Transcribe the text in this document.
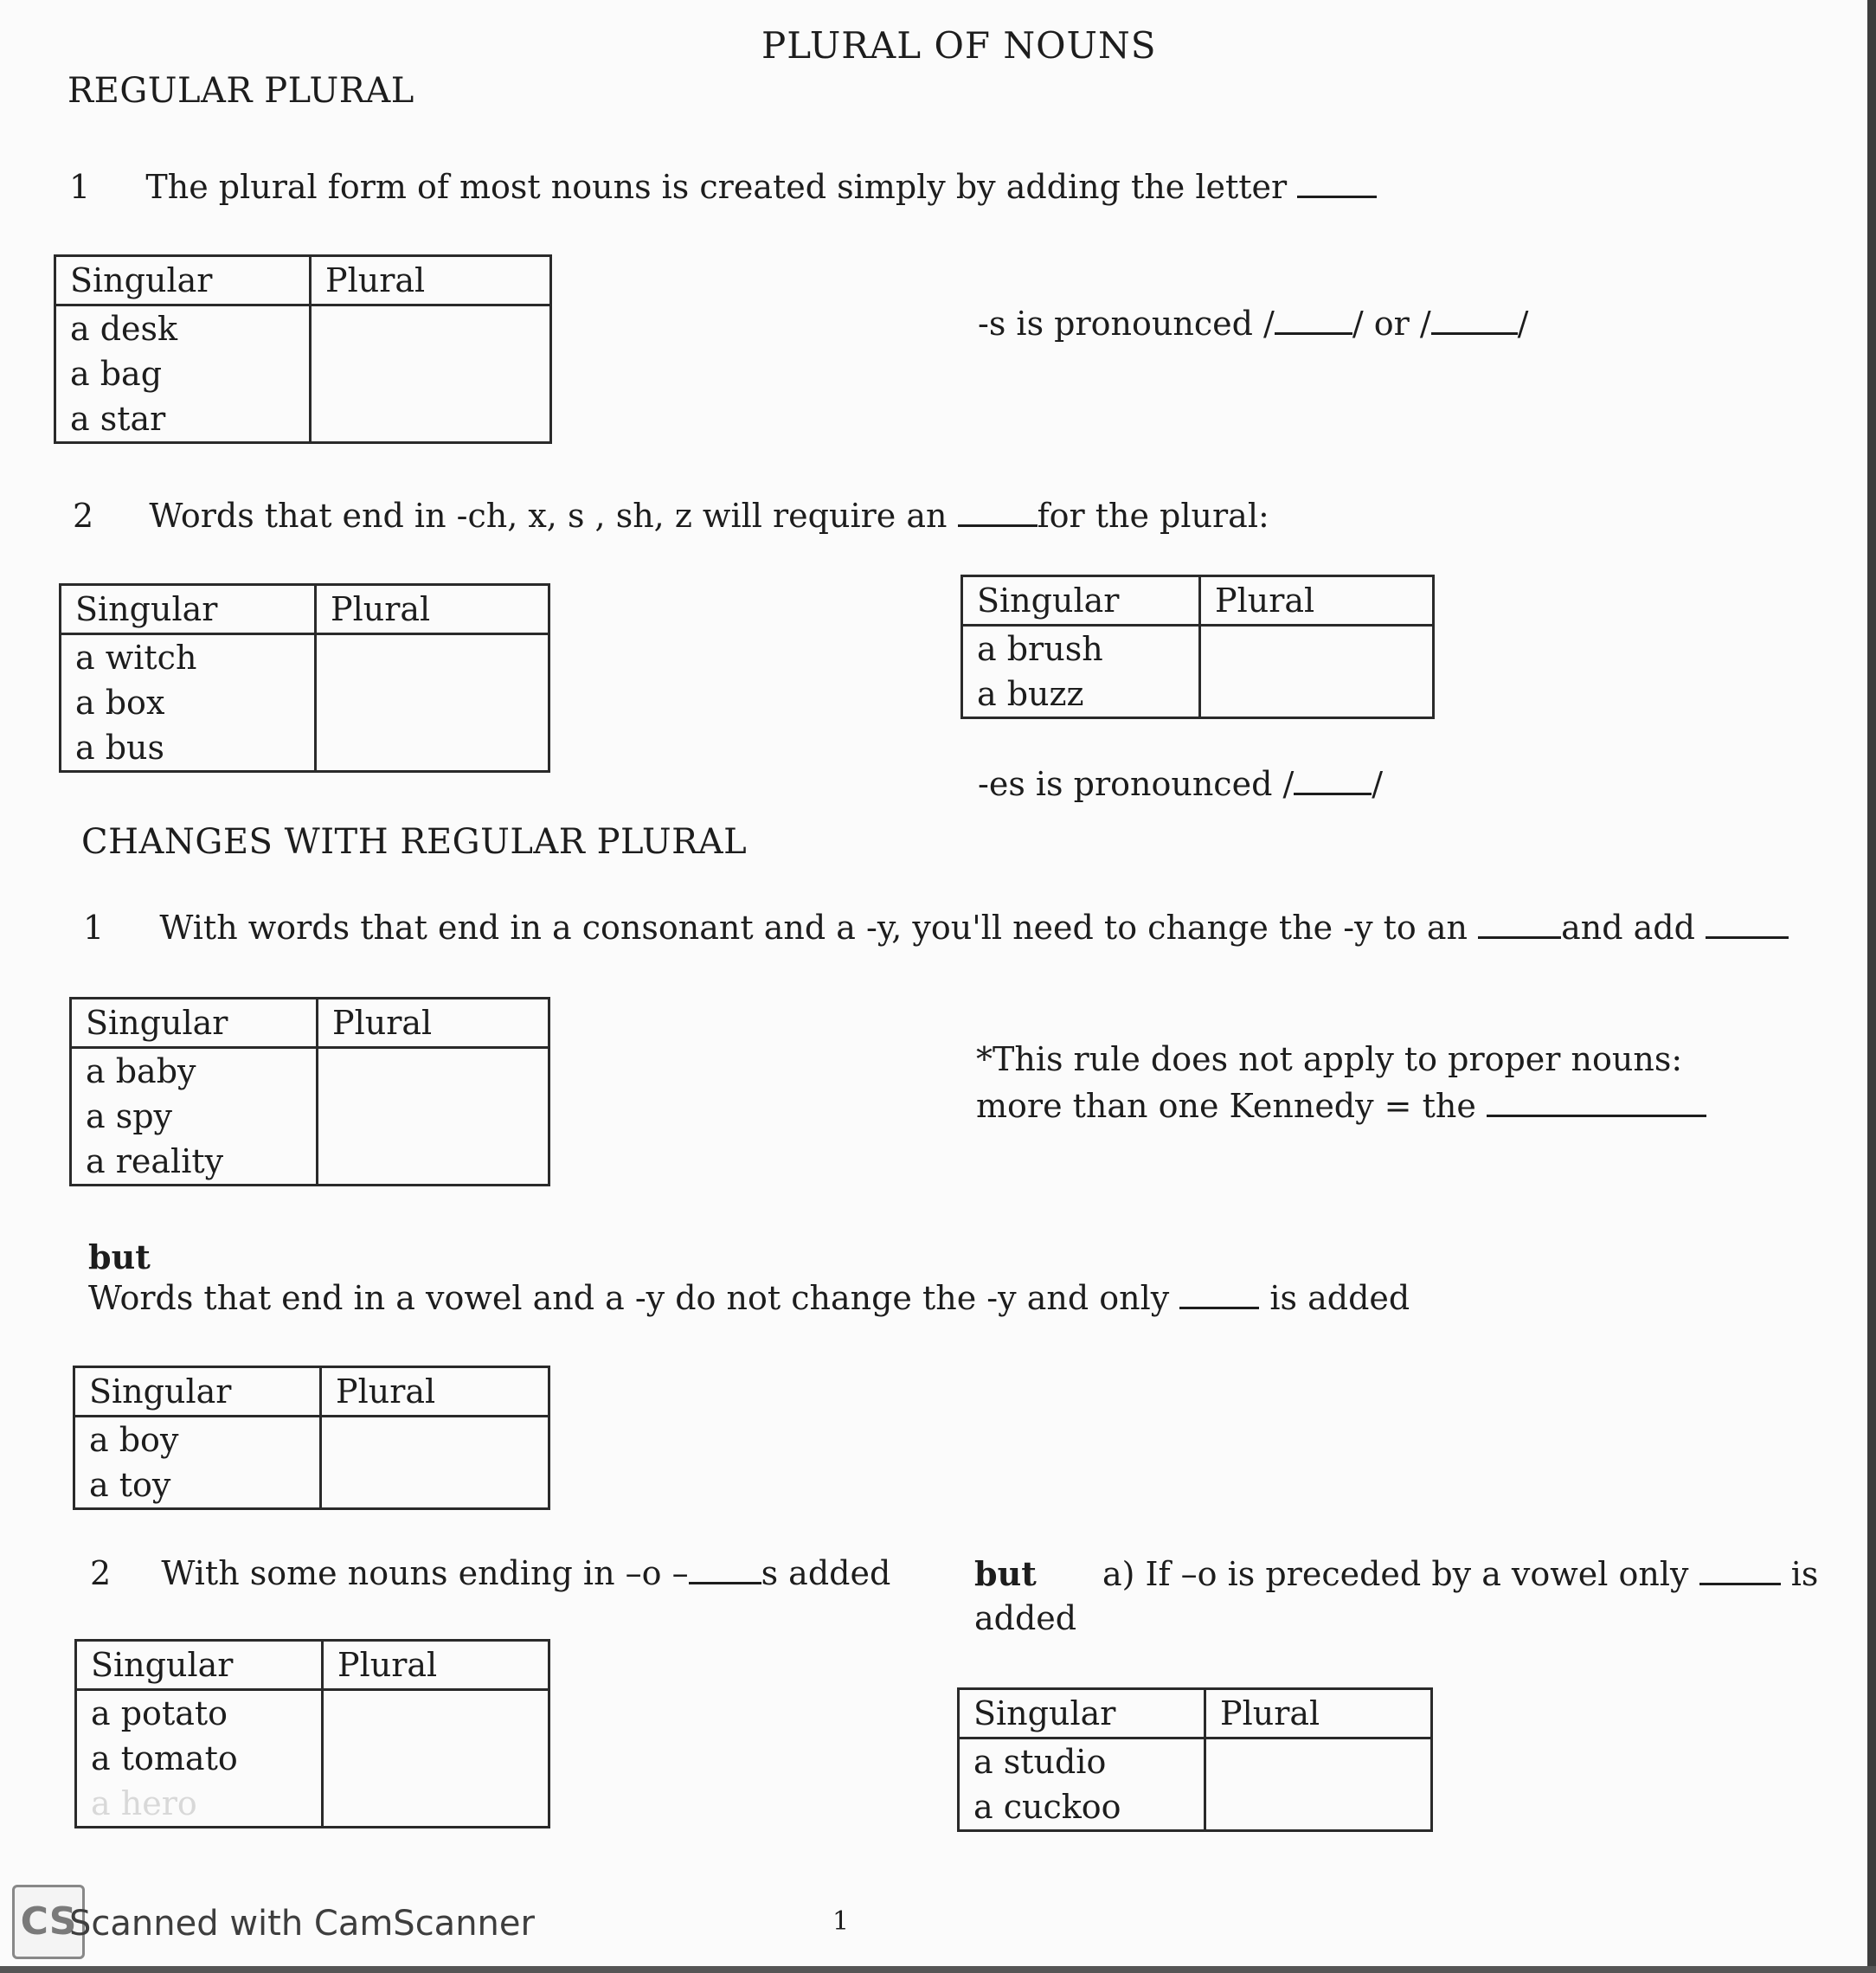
PLURAL OF NOUNS
REGULAR PLURAL
1 The plural form of most nouns is created simply by adding the letter
Singular	Plural
a desk	
a bag	
a star	
-s is pronounced / / or /	/
2 Words that end in -ch, x, s , sh, z will require an	for the plural:
Singular	Plural
a witch	
a box	
a bus	
Singular	Plural
a brush	
a buzz	
-es is pronounced / /
CHANGES WITH REGULAR PLURAL
1 With words that end in a consonant and a -y, you'll need to change the -y to an	and add
Singular	Plural
a baby	
a spy	
a reality	
*This rule does not apply to proper nouns:
more than one Kennedy = the
but
Words that end in a vowel and a -y do not change the -y and only	is added
Singular	Plural
a boy	
a toy	
2 With some nouns ending in –o – s added	but a) If –o is preceded by a vowel only	is
added
Singular	Plural
a potato	
a tomato	
a hero	
Singular	Plural
a studio	
a cuckoo	
CS
Scanned with CamScanner	1
